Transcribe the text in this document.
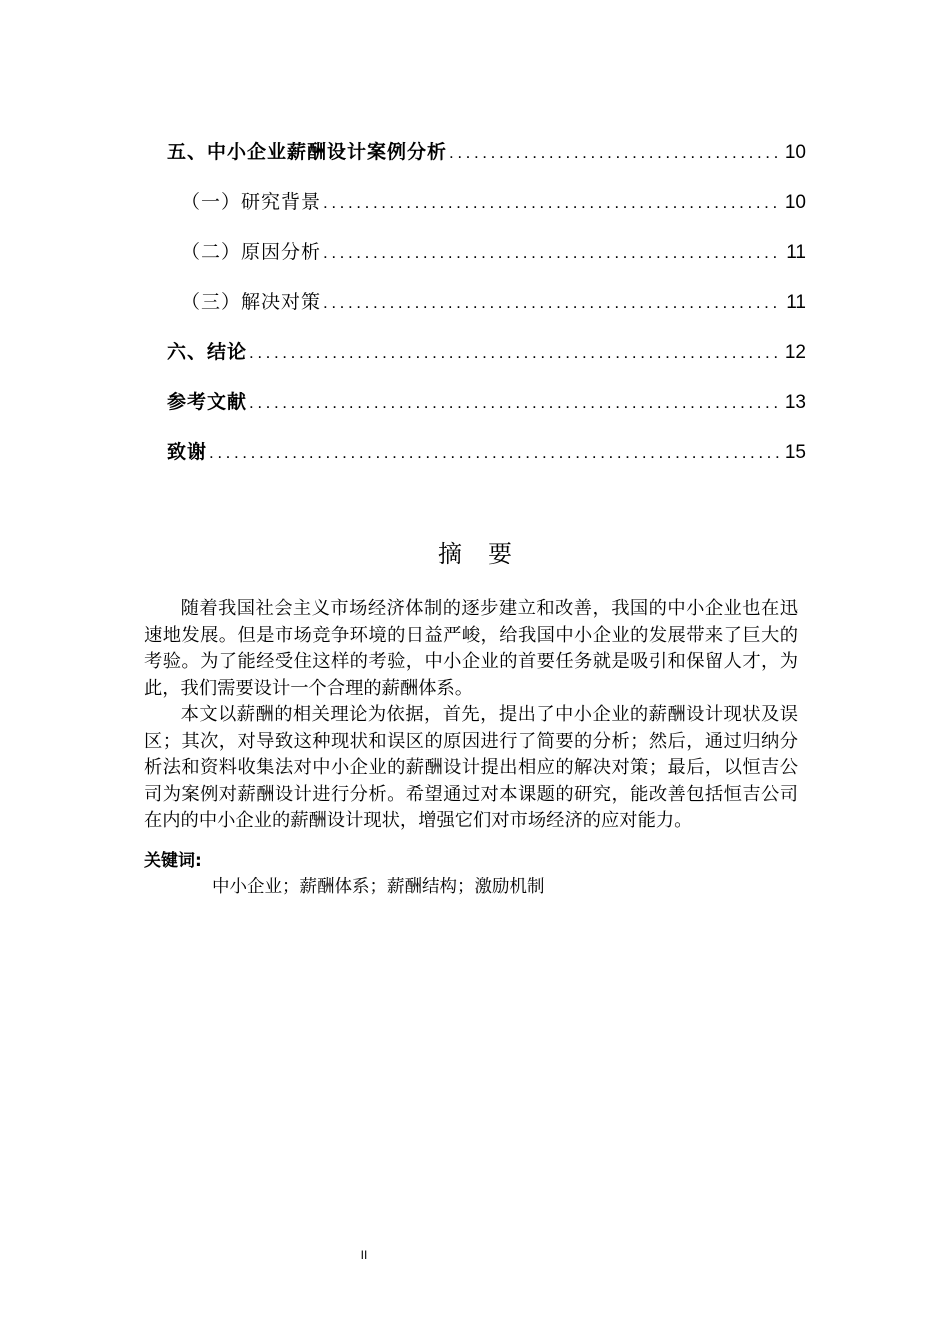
五、中小企业薪酬设计案例分析 .....	10
（一）研究背景 .....	10
（二）原因分析 .....	11
（三）解决对策 .....	11
六、结论 .....	12
参考文献 .....	13
致谢 .....	15
摘要

随着我国社会主义市场经济体制的逐步建立和改善，我国的中小企业也在迅速地发展。但是市场竞争环境的日益严峻，给我国中小企业的发展带来了巨大的考验。为了能经受住这样的考验，中小企业的首要任务就是吸引和保留人才，为此，我们需要设计一个合理的薪酬体系。

本文以薪酬的相关理论为依据，首先，提出了中小企业的薪酬设计现状及误区；其次，对导致这种现状和误区的原因进行了简要的分析；然后，通过归纳分析法和资料收集法对中小企业的薪酬设计提出相应的解决对策；最后，以恒吉公司为案例对薪酬设计进行分析。希望通过对本课题的研究，能改善包括恒吉公司在内的中小企业的薪酬设计现状，增强它们对市场经济的应对能力。

关键词:
中小企业；薪酬体系；薪酬结构；激励机制
II
